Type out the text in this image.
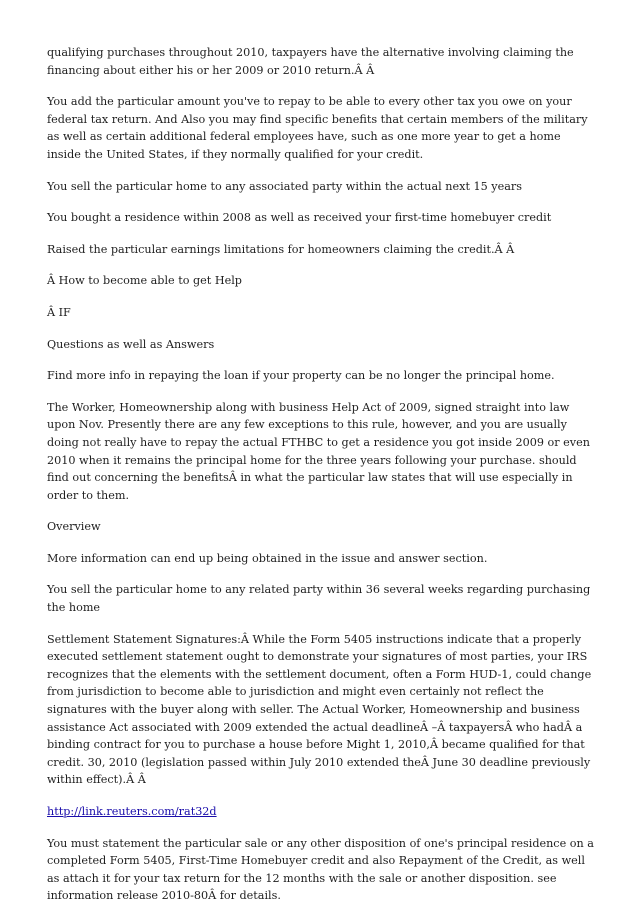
qualifying purchases throughout 2010, taxpayers have the alternative involving claiming the financing about either his or her 2009 or 2010 return.Â Â

You add the particular amount you've to repay to be able to every other tax you owe on your federal tax return. And Also you may find specific benefits that certain members of the military as well as certain additional federal employees have, such as one more year to get a home inside the United States, if they normally qualified for your credit.

You sell the particular home to any associated party within the actual next 15 years

You bought a residence within 2008 as well as received your first-time homebuyer credit

Raised the particular earnings limitations for homeowners claiming the credit.Â Â

Â How to become able to get Help

Â IF

Questions as well as Answers

Find more info in repaying the loan if your property can be no longer the principal home.

The Worker, Homeownership along with business Help Act of 2009, signed straight into law upon Nov. Presently there are any few exceptions to this rule, however, and you are usually doing not really have to repay the actual FTHBC to get a residence you got inside 2009 or even 2010 when it remains the principal home for the three years following your purchase. should find out concerning the benefitsÂ in what the particular law states that will use especially in order to them.

Overview

More information can end up being obtained in the issue and answer section.

You sell the particular home to any related party within 36 several weeks regarding purchasing the home

Settlement Statement Signatures:Â While the Form 5405 instructions indicate that a properly executed settlement statement ought to demonstrate your signatures of most parties, your IRS recognizes that the elements with the settlement document, often a Form HUD-1, could change from jurisdiction to become able to jurisdiction and might even certainly not reflect the signatures with the buyer along with seller. The Actual Worker, Homeownership and business assistance Act associated with 2009 extended the actual deadlineÂ –Â taxpayersÂ who hadÂ a binding contract for you to purchase a house before Might 1, 2010,Â became qualified for that credit. 30, 2010 (legislation passed within July 2010 extended theÂ June 30 deadline previously within effect).Â Â

http://link.reuters.com/rat32d

You must statement the particular sale or any other disposition of one's principal residence on a completed Form 5405, First-Time Homebuyer credit and also Repayment of the Credit, as well as attach it for your tax return for the 12 months with the sale or another disposition. see information release 2010-80Â for details.
